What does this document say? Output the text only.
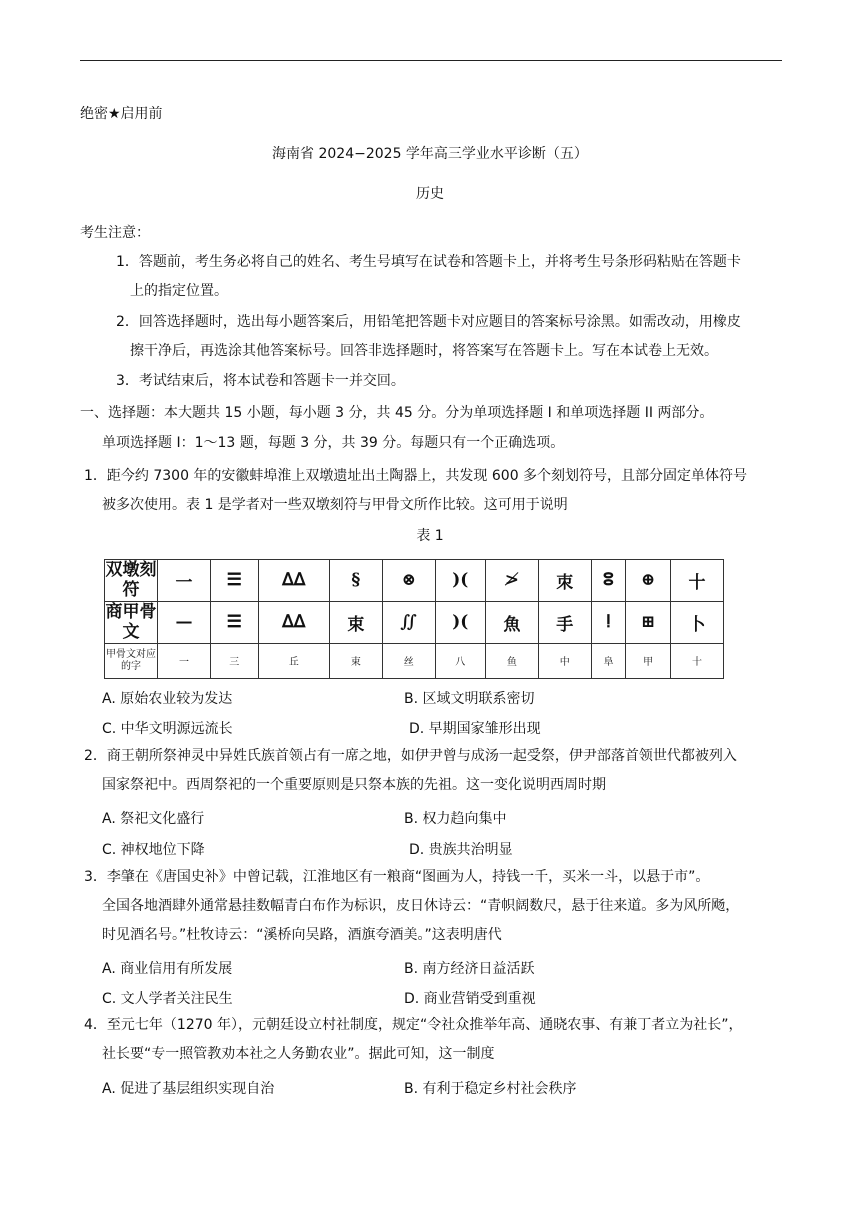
绝密★启用前
海南省 2024−2025 学年高三学业水平诊断（五）
历史
考生注意：
1．答题前，考生务必将自己的姓名、考生号填写在试卷和答题卡上，并将考生号条形码粘贴在答题卡
上的指定位置。
2．回答选择题时，选出每小题答案后，用铅笔把答题卡对应题目的答案标号涂黑。如需改动，用橡皮
擦干净后，再选涂其他答案标号。回答非选择题时，将答案写在答题卡上。写在本试卷上无效。
3．考试结束后，将本试卷和答题卡一并交回。
一、选择题：本大题共 15 小题，每小题 3 分，共 45 分。分为单项选择题 I 和单项选择题 II 两部分。
单项选择题 I：1～13 题，每题 3 分，共 39 分。每题只有一个正确选项。
1．距今约 7300 年的安徽蚌埠淮上双墩遗址出土陶器上，共发现 600 多个刻划符号，且部分固定单体符号
被多次使用。表 1 是学者对一些双墩刻符与甲骨文所作比较。这可用于说明
表 1
双墩刻符	一	☰	ᐃᐃ	§	⊗	)(	≯	朿	ⵓ	⊕	十
商甲骨文	—	☰	ᐃᐃ	束	∬	)(	魚	手	ⵑ	⊞	卜
甲骨文对应的字	一	三	丘	束	丝	八	鱼	中	阜	甲	十
A. 原始农业较为发达	B. 区域文明联系密切
C. 中华文明源远流长	D. 早期国家雏形出现
2．商王朝所祭神灵中异姓氏族首领占有一席之地，如伊尹曾与成汤一起受祭，伊尹部落首领世代都被列入
国家祭祀中。西周祭祀的一个重要原则是只祭本族的先祖。这一变化说明西周时期
A. 祭祀文化盛行	B. 权力趋向集中
C. 神权地位下降	D. 贵族共治明显
3．李肇在《唐国史补》中曾记载，江淮地区有一粮商“图画为人，持钱一千，买米一斗，以悬于市”。
全国各地酒肆外通常悬挂数幅青白布作为标识，皮日休诗云：“青帜阔数尺，悬于往来道。多为风所飏，
时见酒名号。”杜牧诗云：“溪桥向吴路，酒旗夸酒美。”这表明唐代
A. 商业信用有所发展	B. 南方经济日益活跃
C. 文人学者关注民生	D. 商业营销受到重视
4．至元七年（1270 年），元朝廷设立村社制度，规定“令社众推举年高、通晓农事、有兼丁者立为社长”，
社长要“专一照管教劝本社之人务勤农业”。据此可知，这一制度
A. 促进了基层组织实现自治	B. 有利于稳定乡村社会秩序
